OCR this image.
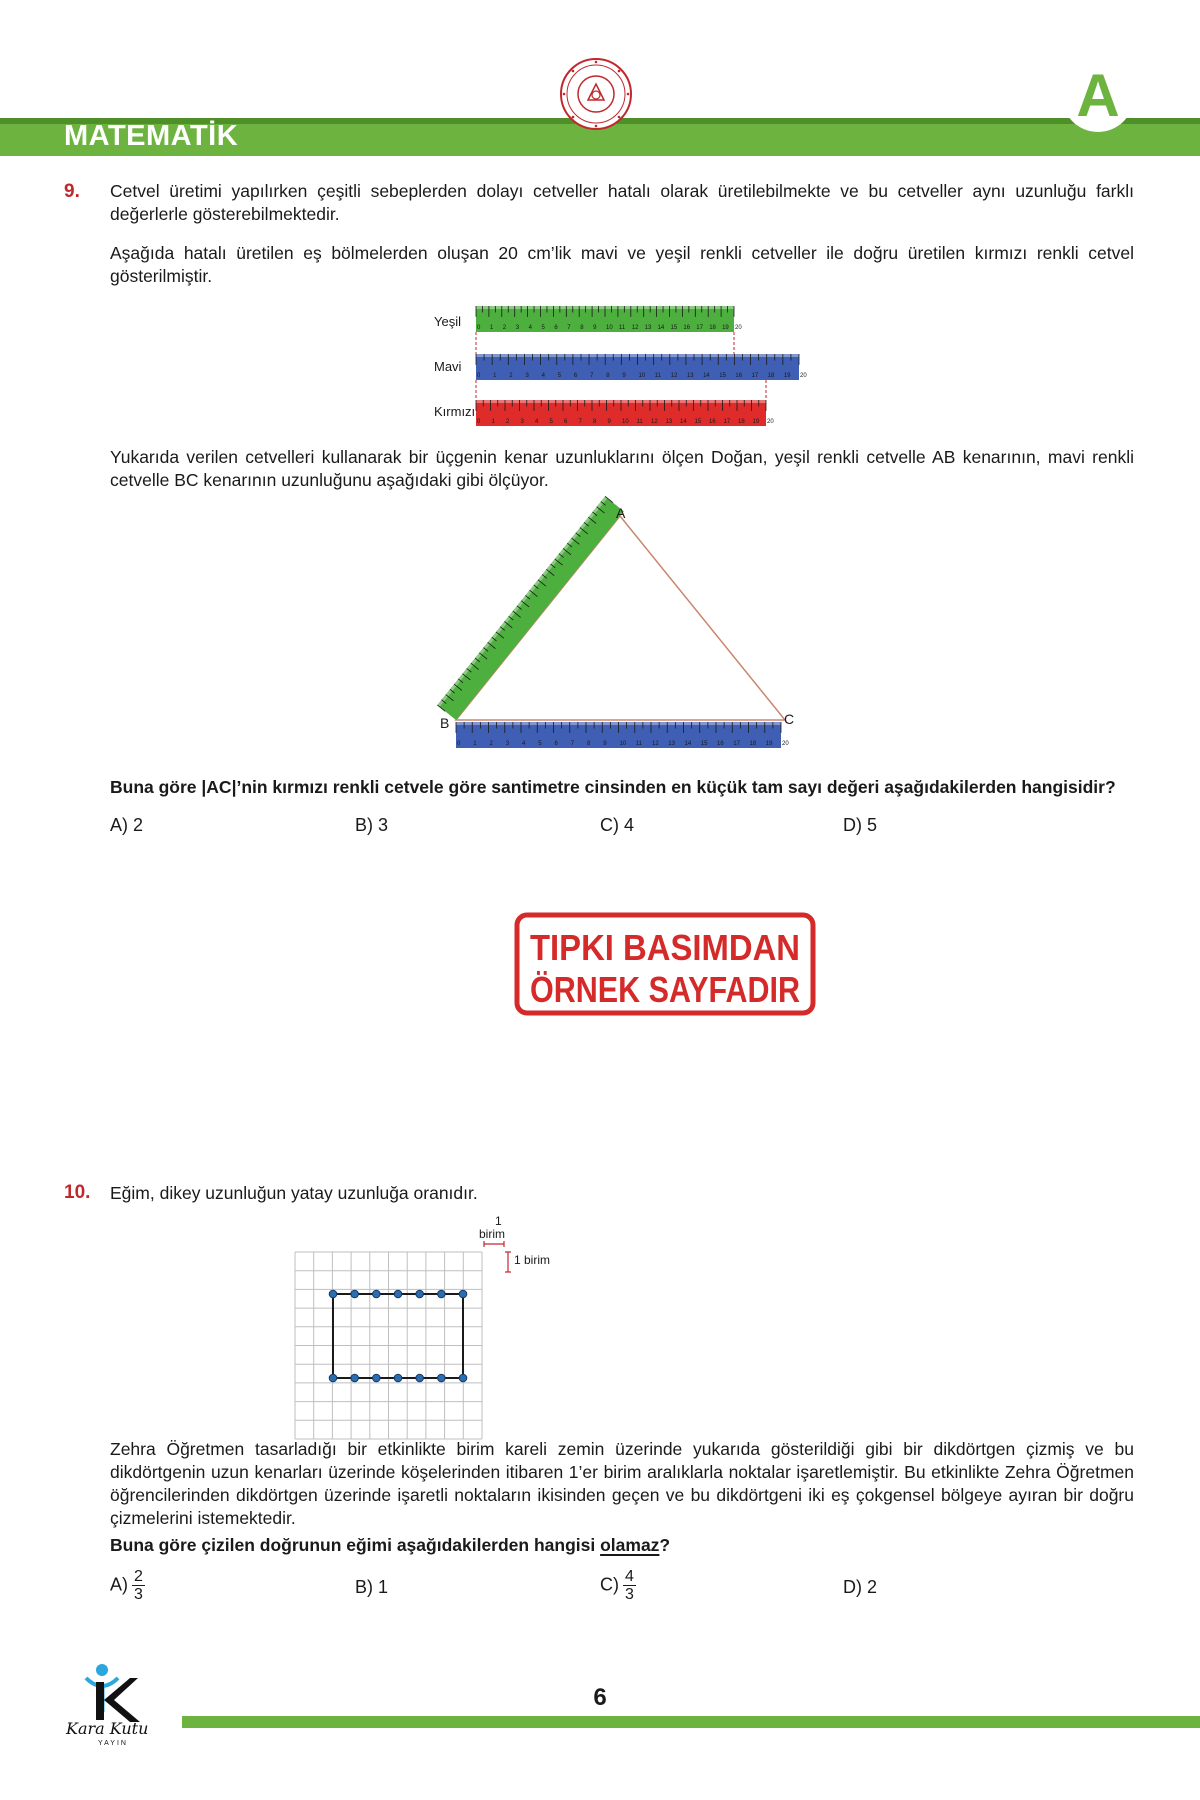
MATEMATİK
A
9. Cetvel üretimi yapılırken çeşitli sebeplerden dolayı cetveller hatalı olarak üretilebilmekte ve bu cetveller aynı uzunluğu farklı değerlerle gösterebilmektedir.
Aşağıda hatalı üretilen eş bölmelerden oluşan 20 cm’lik mavi ve yeşil renkli cetveller ile doğru üretilen kırmızı renkli cetvel gösterilmiştir.
Yeşil
Mavi
Kırmızı
0 1 2 3 4 5 6 7 8 9 10 11 12 13 14 15 16 17 18 19 20
0 1 2 3 4 5 6 7 8 9 10 11 12 13 14 15 16 17 18 19 20
0 1 2 3 4 5 6 7 8 9 10 11 12 13 14 15 16 17 18 19 20
Yukarıda verilen cetvelleri kullanarak bir üçgenin kenar uzunluklarını ölçen Doğan, yeşil renkli cetvelle AB kenarının, mavi renkli cetvelle BC kenarının uzunluğunu aşağıdaki gibi ölçüyor.
0 1 2 3 4 5 6 7 8 9 10 11 12 13 14 15 16 17 18 19 20
A
B	C
Buna göre |AC|’nin kırmızı renkli cetvele göre santimetre cinsinden en küçük tam sayı değeri aşağıdakilerden hangisidir?
A) 2	B) 3	C) 4	D) 5
TIPKI BASIMDAN
ÖRNEK SAYFADIR
10. Eğim, dikey uzunluğun yatay uzunluğa oranıdır.
1
birim
1 birim
Zehra Öğretmen tasarladığı bir etkinlikte birim kareli zemin üzerinde yukarıda gösterildiği gibi bir dikdörtgen çizmiş ve bu dikdörtgenin uzun kenarları üzerinde köşelerinden itibaren 1’er birim aralıklarla noktalar işaretlemiştir. Bu etkinlikte Zehra Öğretmen öğrencilerinden dikdörtgen üzerinde işaretli noktaların ikisinden geçen ve bu dikdörtgeni iki eş çokgensel bölgeye ayıran bir doğru çizmelerini istemektedir.
Buna göre çizilen doğrunun eğimi aşağıdakilerden hangisi olamaz?
$A) \frac{2}{3}$	B) 1	$C) \frac{4}{3}$	D) 2
Kara Kutu
YAYIN
6
